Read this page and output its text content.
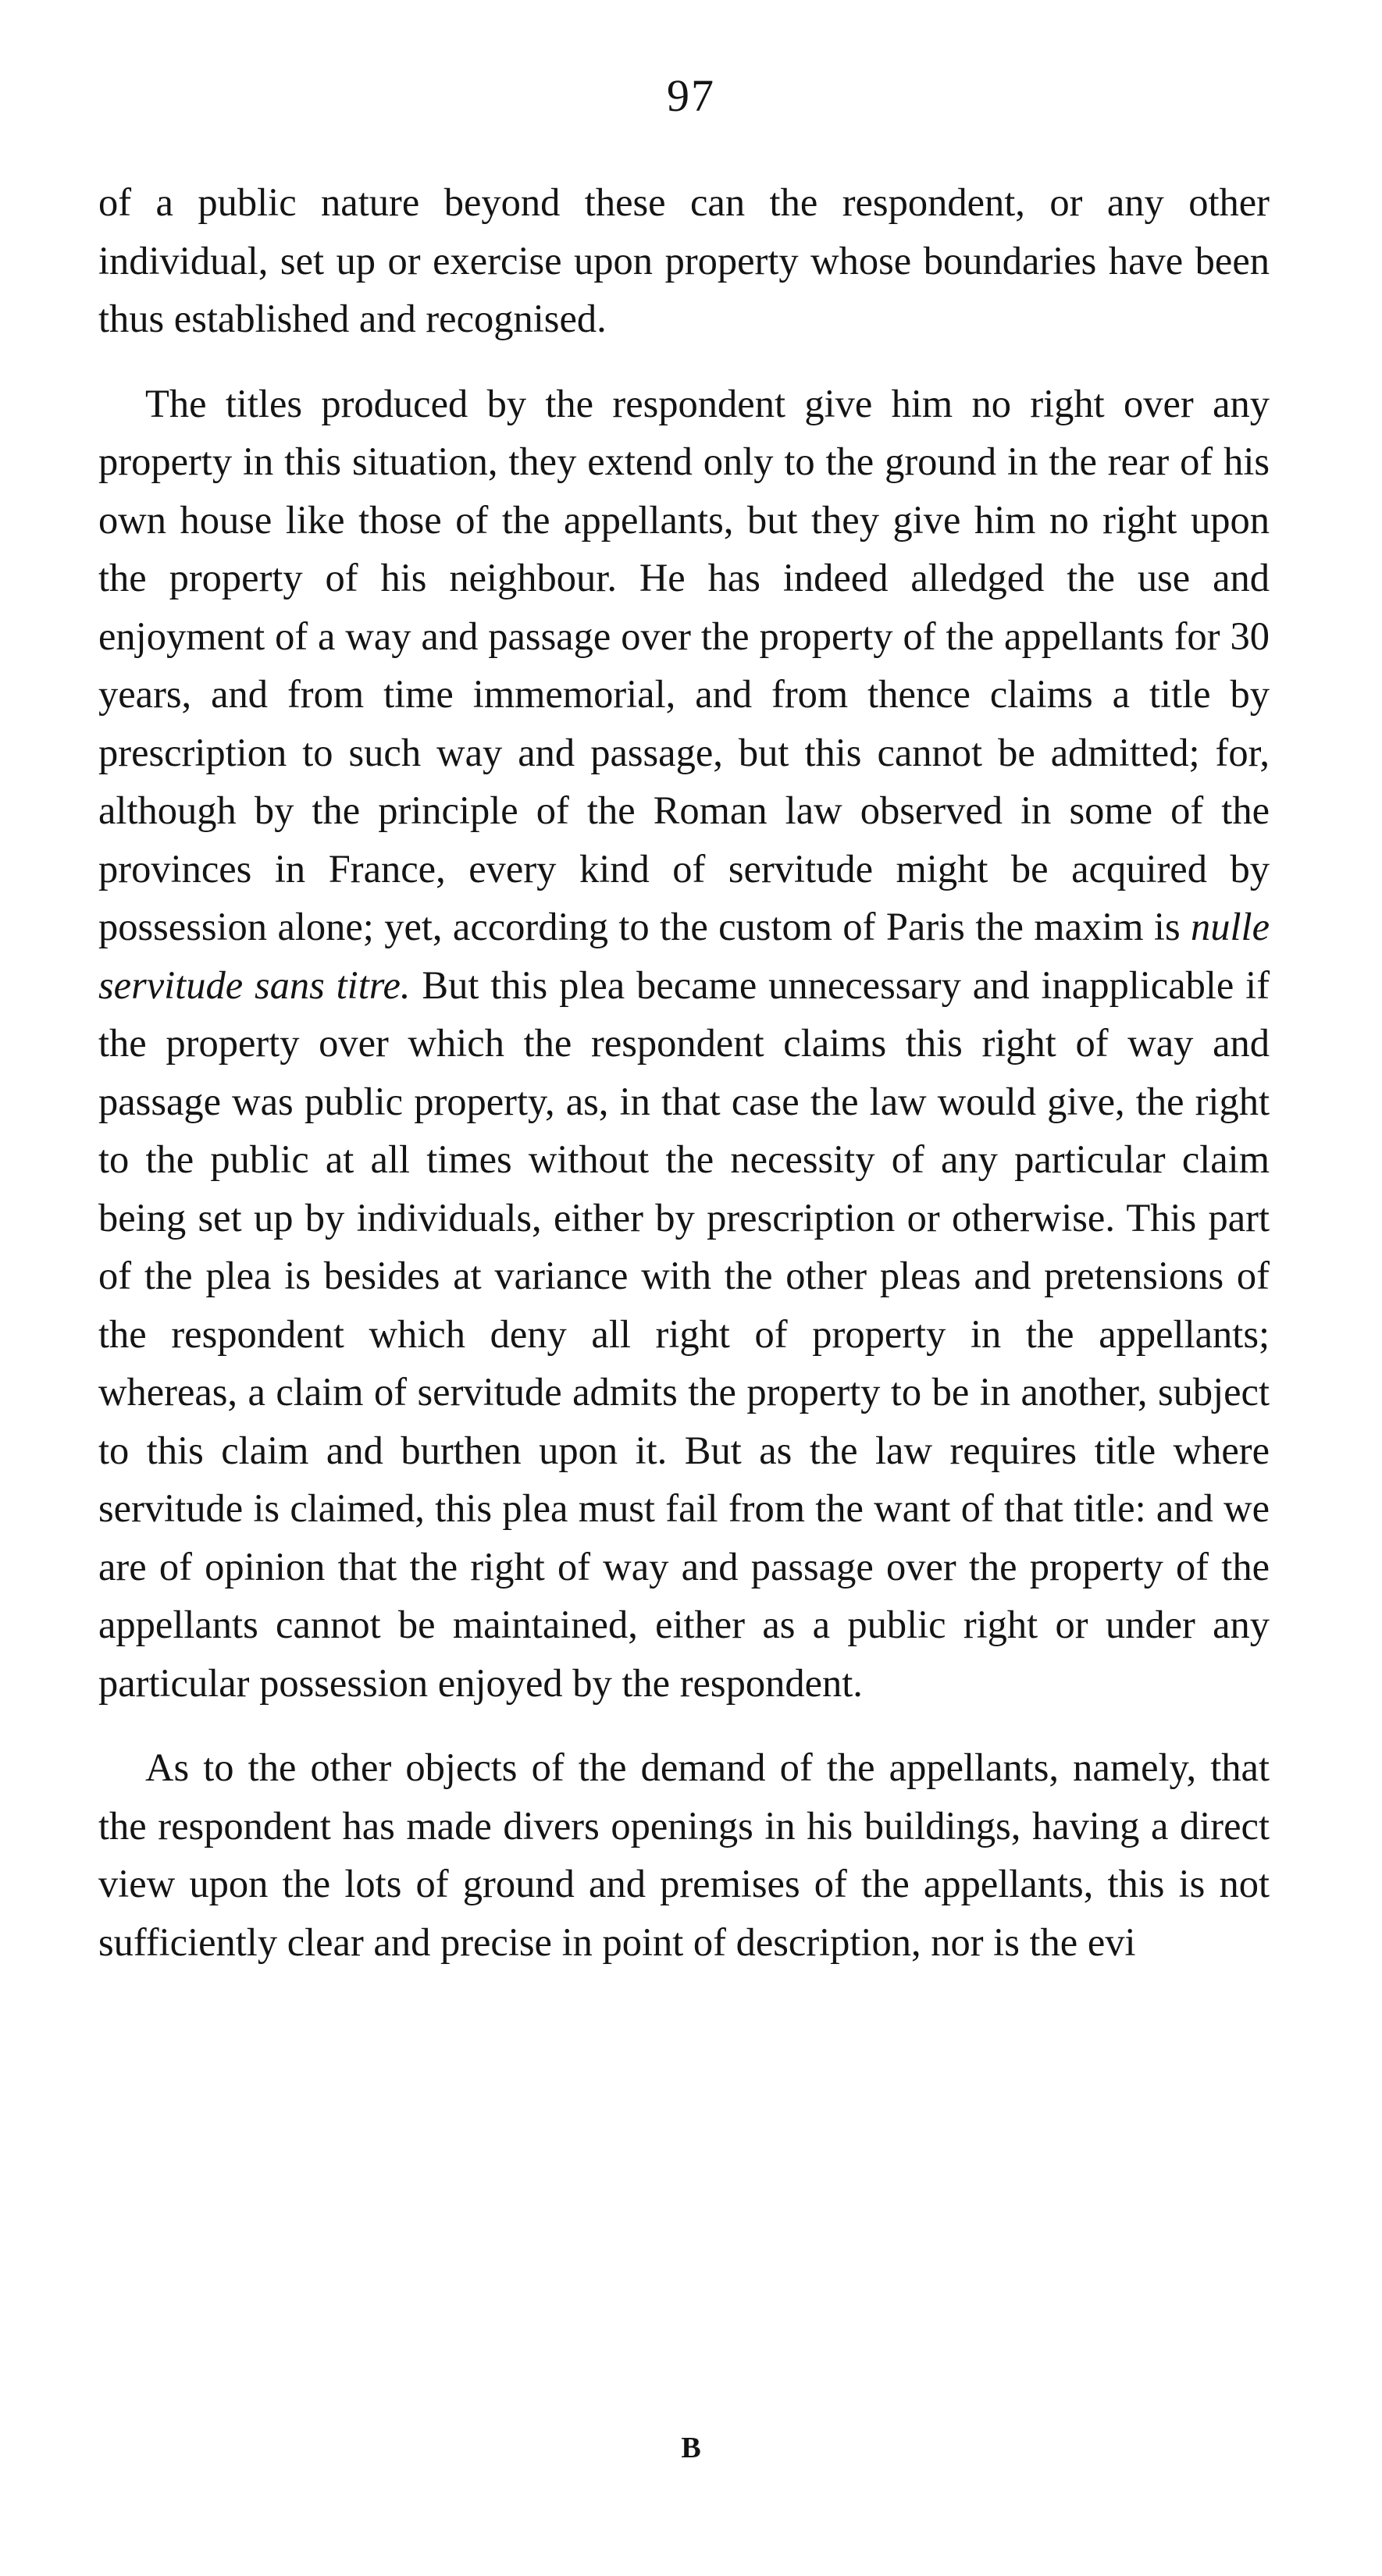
97

of a public nature beyond these can the respondent, or any other individual, set up or exercise upon property whose boundaries have been thus established and recognised.

The titles produced by the respondent give him no right over any property in this situation, they extend only to the ground in the rear of his own house like those of the appellants, but they give him no right upon the property of his neighbour. He has indeed alledged the use and enjoyment of a way and passage over the property of the appellants for 30 years, and from time immemorial, and from thence claims a title by prescription to such way and passage, but this cannot be admitted; for, although by the principle of the Roman law observed in some of the provinces in France, every kind of servitude might be acquired by possession alone; yet, according to the custom of Paris the maxim is nulle servitude sans titre. But this plea became unnecessary and inapplicable if the property over which the respondent claims this right of way and passage was public property, as, in that case the law would give, the right to the public at all times without the necessity of any particular claim being set up by individuals, either by prescription or otherwise. This part of the plea is besides at variance with the other pleas and pretensions of the respondent which deny all right of property in the appellants; whereas, a claim of servitude admits the property to be in another, subject to this claim and burthen upon it. But as the law requires title where servitude is claimed, this plea must fail from the want of that title: and we are of opinion that the right of way and passage over the property of the appellants cannot be maintained, either as a public right or under any particular possession enjoyed by the respondent.

As to the other objects of the demand of the appellants, namely, that the respondent has made divers openings in his buildings, having a direct view upon the lots of ground and premises of the appellants, this is not sufficiently clear and precise in point of description, nor is the evi

B
